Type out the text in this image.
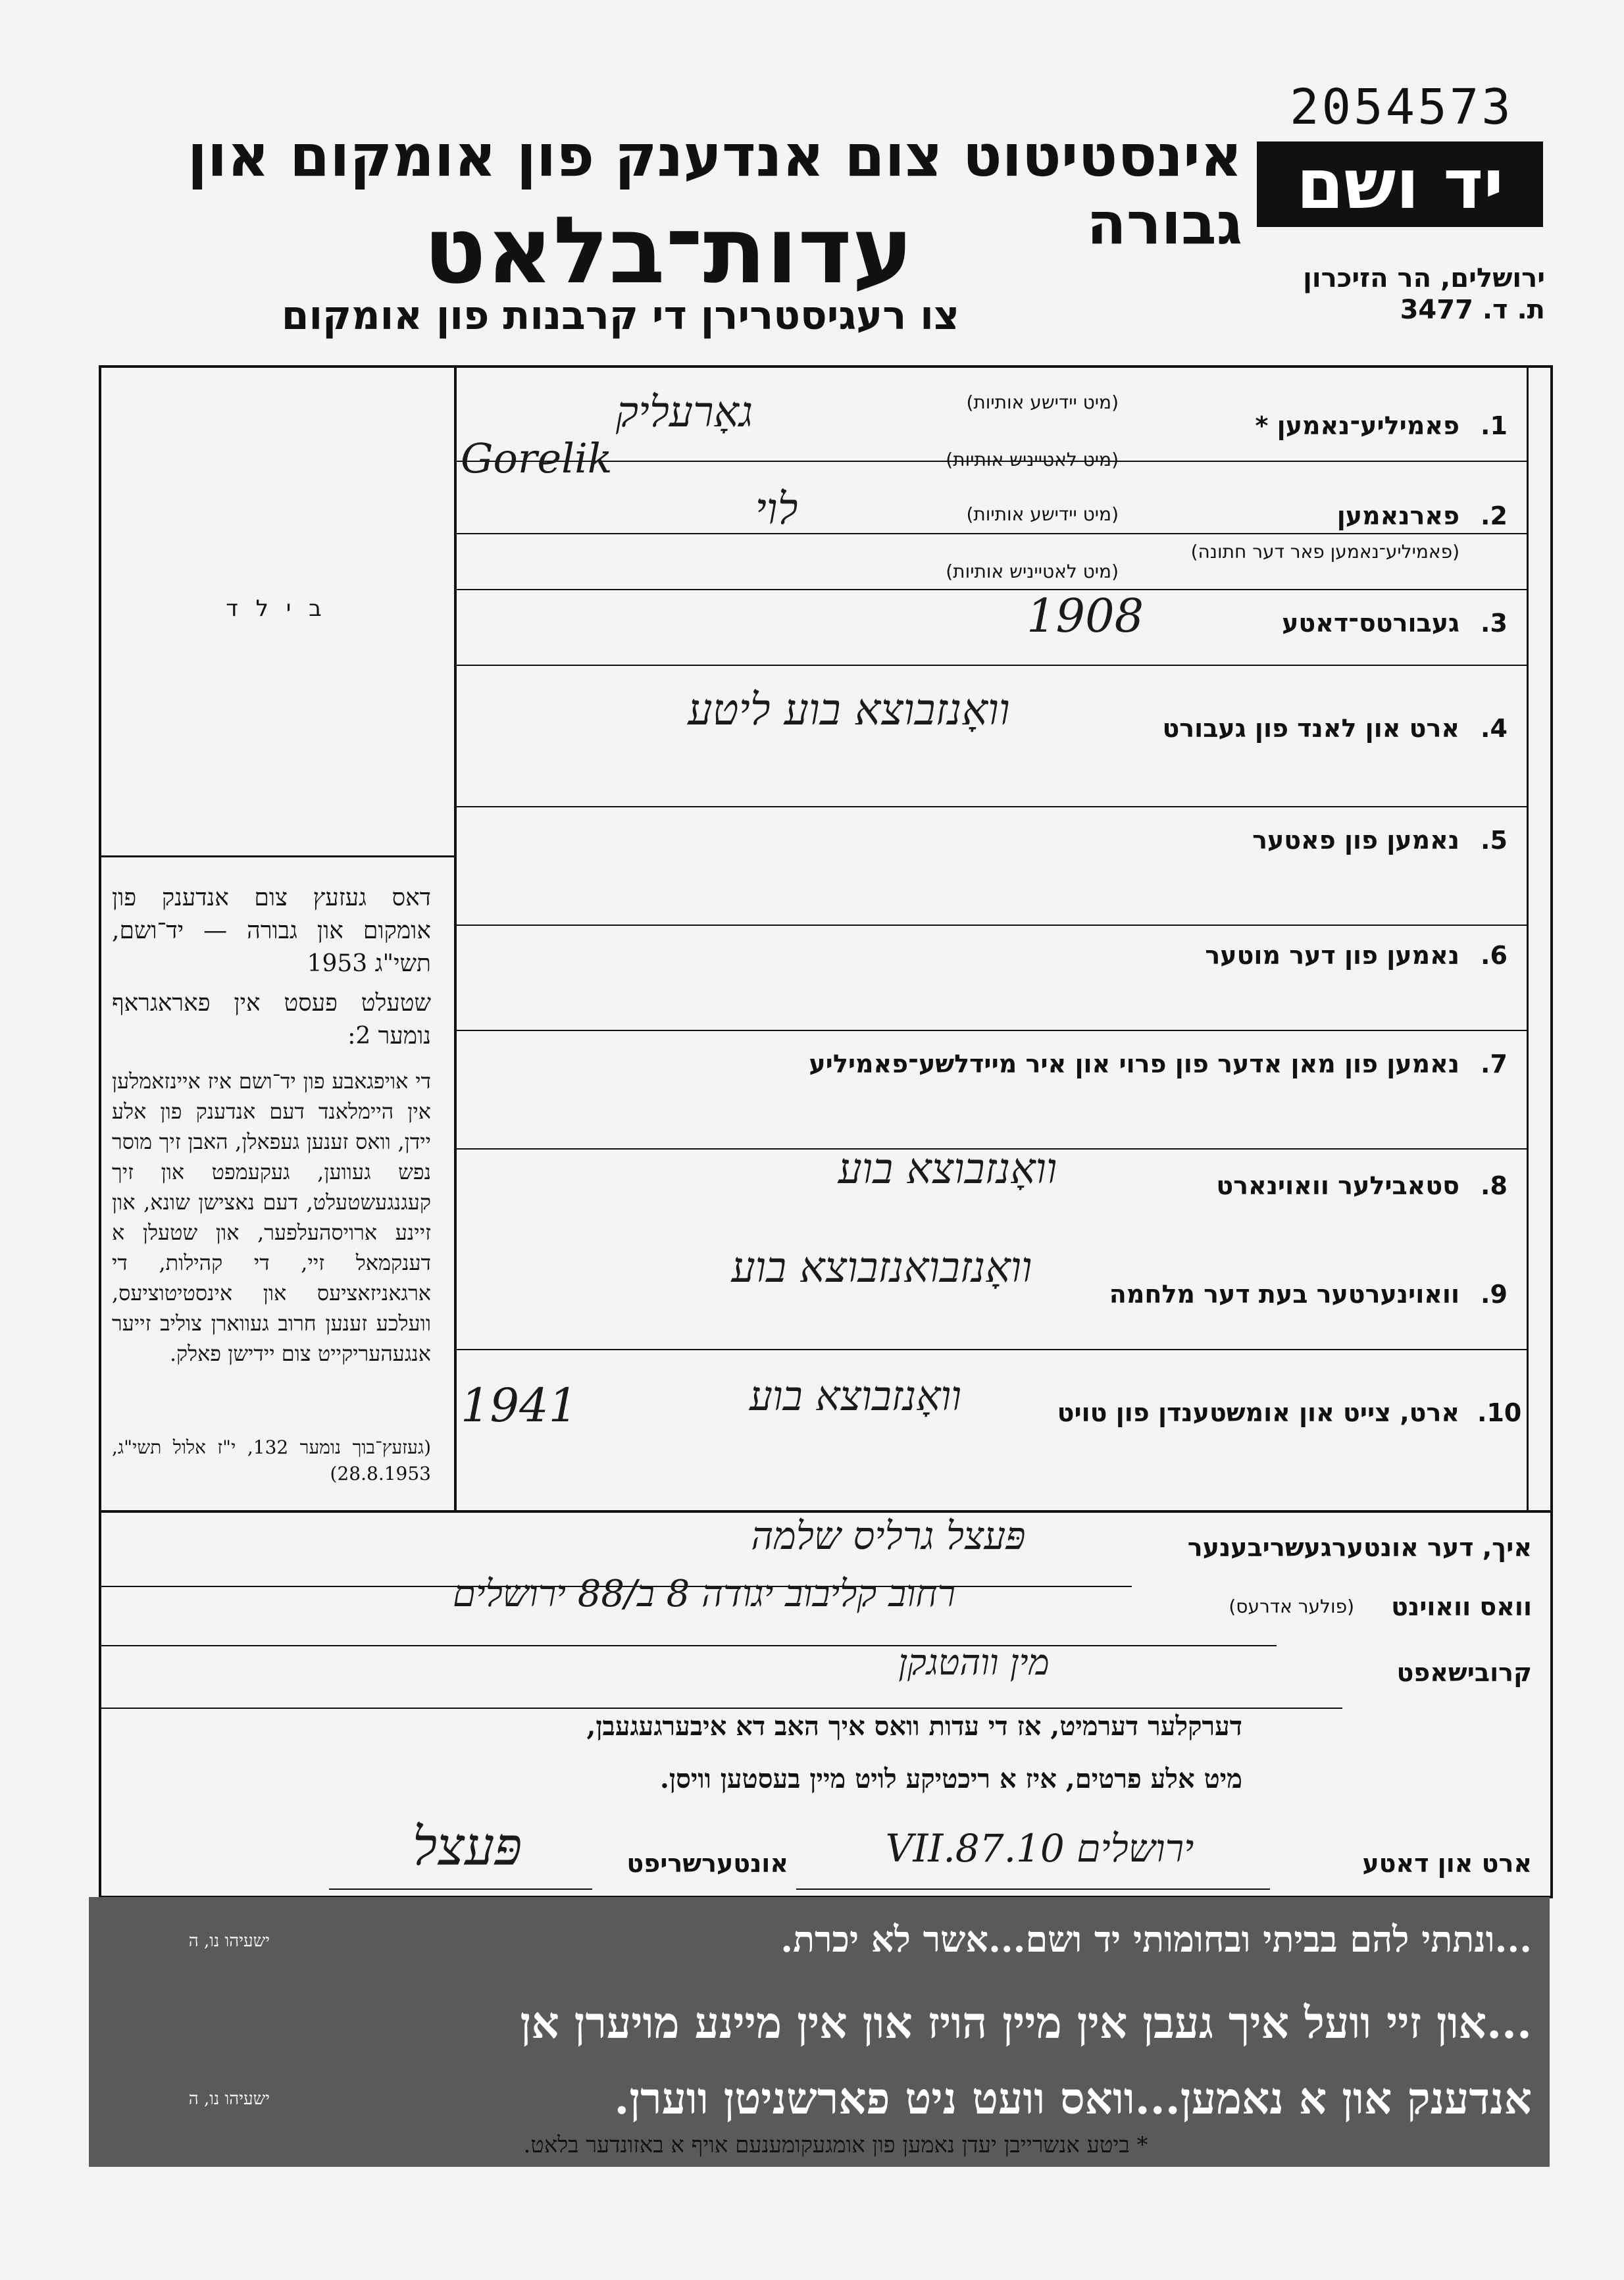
2054573
יד ושם
ירושלים, הר הזיכרון
ת. ד. 3477
אינסטיטוט צום אנדענק פון אומקום און גבורה
עדות־בלאט
צו רעגיסטרירן די קרבנות פון אומקום
ב י ל ד
דאס געזעץ צום אנדענק פון אומקום און גבורה — יד־ושם, תשי"ג 1953
שטעלט פעסט אין פאראגראף נומער 2:
די אויפגאבע פון יד־ושם איז איינזאמלען אין היימלאנד דעם אנדענק פון אלע יידן, וואס זענען געפאלן, האבן זיך מוסר נפש געווען, געקעמפט און זיך קעגנגעשטעלט, דעם נאצישן שונא, און זיינע ארויסהעלפער, און שטעלן א דענקמאל זיי, די קהילות, די ארגאניזאציעס און אינסטיטוציעס, וועלכע זענען חרוב געווארן צוליב זייער אנגעהעריקייט צום יידישן פאלק.
(געזעץ־בוך נומער 132, י"ז אלול תשי"ג, 28.8.1953)
1.
פאמיליע־נאמען *
(מיט יידישע אותיות)
(מיט לאטייניש אותיות)
גאָרעליק
Gorelik
2.
פארנאמען
(פאמיליע־נאמען פאר דער חתונה)
(מיט יידישע אותיות)
(מיט לאטייניש אותיות)
לוי
3.
געבורטס־דאטע
1908
4.
ארט און לאנד פון געבורט
וואָנזבוצא בוע ליטע
5.
נאמען פון פאטער
6.
נאמען פון דער מוטער
7.
נאמען פון מאן אדער פון פרוי און איר מיידלשע־פאמיליע
8.
סטאבילער וואוינארט
וואָנזבוצא בוע
9.
וואוינערטער בעת דער מלחמה
וואָנזבואנזבוצא בוע
10.
ארט, צייט און אומשטענדן פון טויט
וואָנזבוצא בוע
1941
איך, דער אונטערגעשריבענער
פּעצל גרליס שלמה
וואס וואוינט
(פולער אדרעס)
רחוב קליבוב יגודה 8 ב/88 ירושלים
קרובישאפט
מין ווהטגקן
דערקלער דערמיט, אז די עדות וואס איך האב דא איבערגעגעבן,
מיט אלע פרטים, איז א ריכטיקע לויט מיין בעסטען וויסן.
ארט און דאטע
ירושלים 10.VII.87
אונטערשריפט
פּעצל
ישעיהו נו, ה	...ונתתי להם בביתי ובחומותי יד ושם...אשר לא יכרת.
...און זיי וועל איך געבן אין מיין הויז און אין מיינע מויערן אן
ישעיהו נו, ה	אנדענק און א נאמען...וואס וועט ניט פארשניטן ווערן.
* ביטע אנשרייבן יעדן נאמען פון אומגעקומענעם אויף א באזונדער בלאט.
